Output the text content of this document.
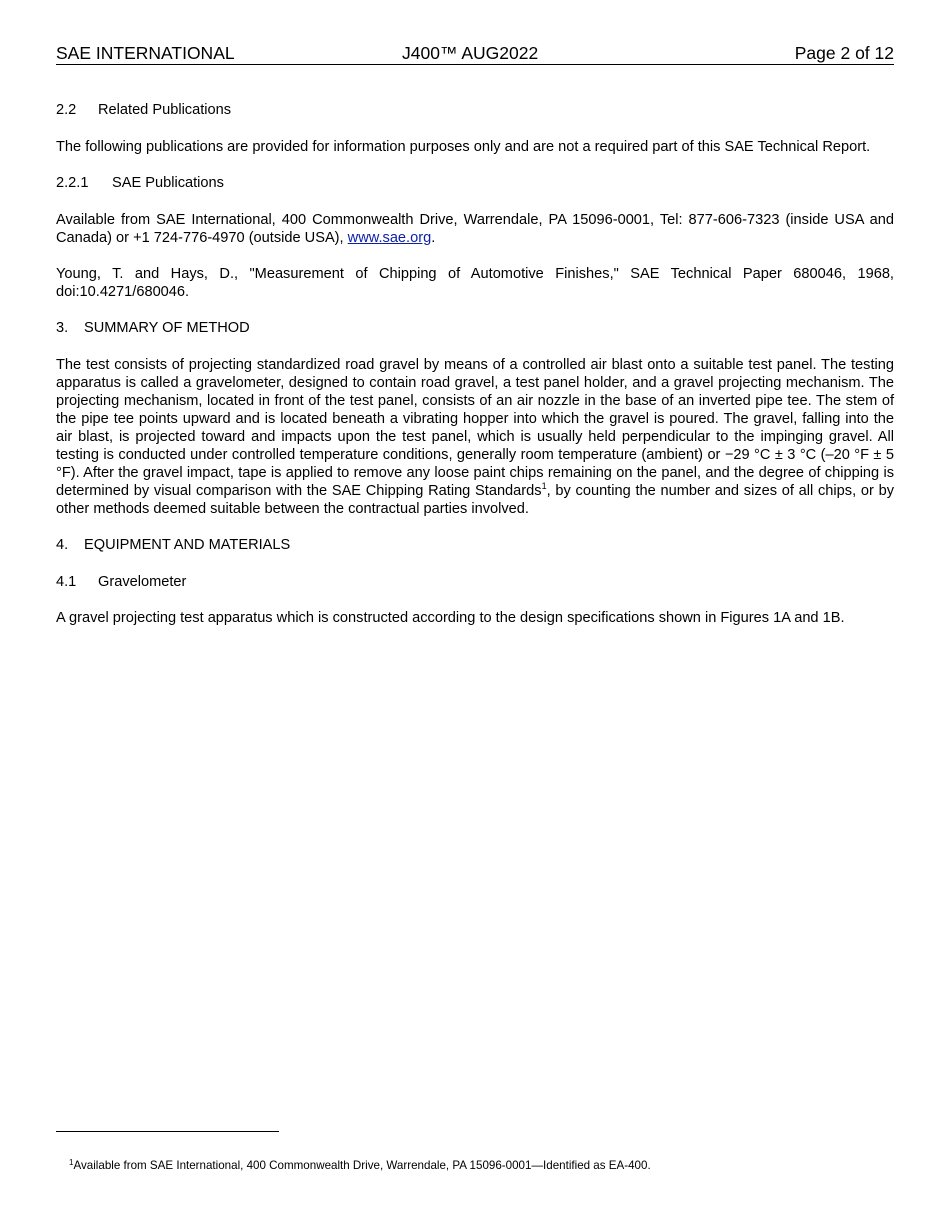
SAE INTERNATIONAL	J400™ AUG2022	Page 2 of 12
2.2 Related Publications

The following publications are provided for information purposes only and are not a required part of this SAE Technical Report.

2.2.1 SAE Publications

Available from SAE International, 400 Commonwealth Drive, Warrendale, PA 15096-0001, Tel: 877-606-7323 (inside USA and Canada) or +1 724-776-4970 (outside USA), www.sae.org.

Young, T. and Hays, D., "Measurement of Chipping of Automotive Finishes," SAE Technical Paper 680046, 1968, doi:10.4271/680046.

3. SUMMARY OF METHOD

The test consists of projecting standardized road gravel by means of a controlled air blast onto a suitable test panel. The testing apparatus is called a gravelometer, designed to contain road gravel, a test panel holder, and a gravel projecting mechanism. The projecting mechanism, located in front of the test panel, consists of an air nozzle in the base of an inverted pipe tee. The stem of the pipe tee points upward and is located beneath a vibrating hopper into which the gravel is poured. The gravel, falling into the air blast, is projected toward and impacts upon the test panel, which is usually held perpendicular to the impinging gravel. All testing is conducted under controlled temperature conditions, generally room temperature (ambient) or −29 °C ± 3 °C (–20 °F ± 5 °F). After the gravel impact, tape is applied to remove any loose paint chips remaining on the panel, and the degree of chipping is determined by visual comparison with the SAE Chipping Rating Standards$^1$, by counting the number and sizes of all chips, or by other methods deemed suitable between the contractual parties involved.

4. EQUIPMENT AND MATERIALS
4.1 Gravelometer

A gravel projecting test apparatus which is constructed according to the design specifications shown in Figures 1A and 1B.

$^1$Available from SAE International, 400 Commonwealth Drive, Warrendale, PA 15096-0001—Identified as EA-400.
